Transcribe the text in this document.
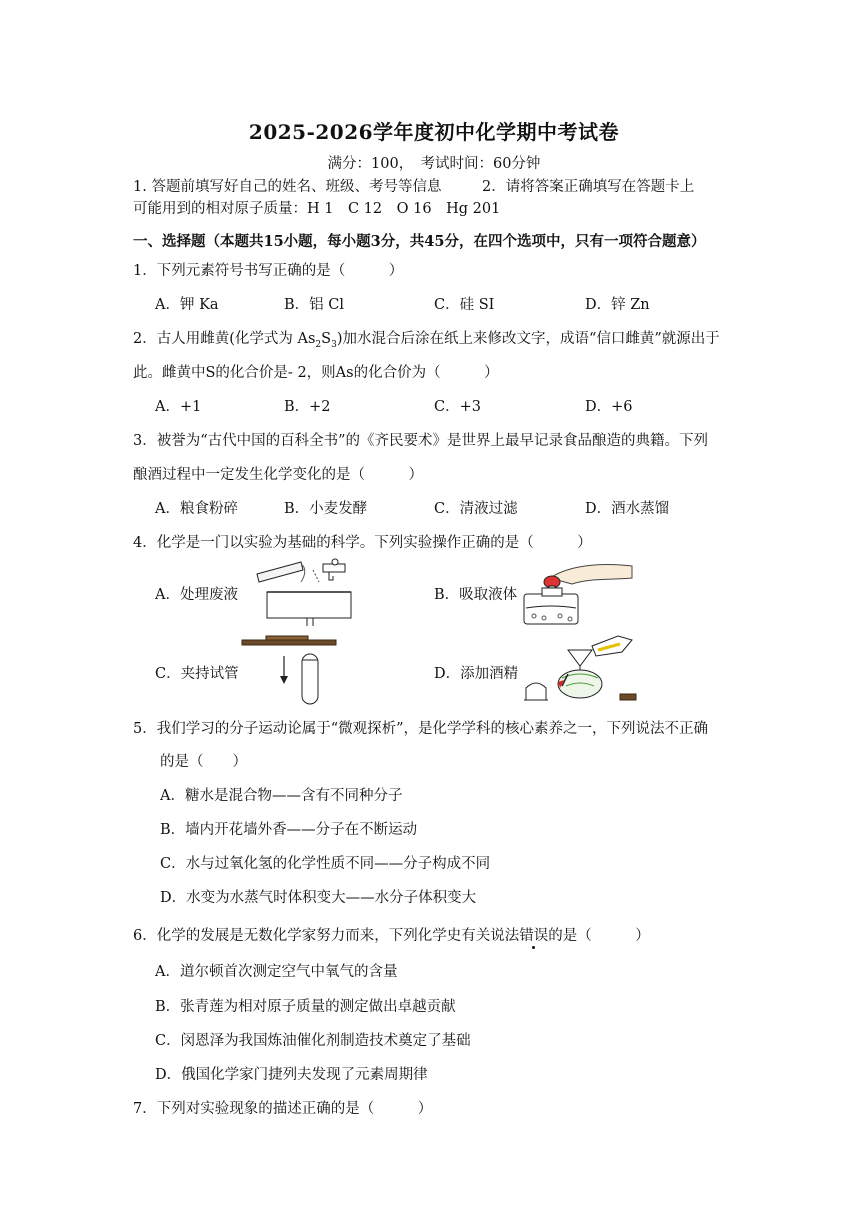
2025-2026学年度初中化学期中考试卷
满分：100，　考试时间：60分钟
1. 答题前填写好自己的姓名、班级、考号等信息	2．请将答案正确填写在答题卡上
可能用到的相对原子质量：H 1　C 12　O 16　Hg 201
一、选择题（本题共15小题，每小题3分，共45分，在四个选项中，只有一项符合题意）
1．下列元素符号书写正确的是（　　　）
A．钾 Ka	B．铝 Cl	C．硅 SI	D．锌 Zn
2．古人用雌黄(化学式为 $As_2S_3$)加水混合后涂在纸上来修改文字，成语“信口雌黄”就源出于
此。雌黄中S的化合价是- 2，则As的化合价为（　　　）
A．+1	B．+2	C．+3	D．+6
3．被誉为“古代中国的百科全书”的《齐民要术》是世界上最早记录食品酿造的典籍。下列
酿酒过程中一定发生化学变化的是（　　　）
A．粮食粉碎	B．小麦发酵	C．清液过滤	D．酒水蒸馏
4．化学是一门以实验为基础的科学。下列实验操作正确的是（　　　）
A．处理废液	B．吸取液体
C．夹持试管	D．添加酒精
5．我们学习的分子运动论属于“微观探析”，是化学学科的核心素养之一，下列说法不正确
的是（　　）
A．糖水是混合物——含有不同种分子
B．墙内开花墙外香——分子在不断运动
C．水与过氧化氢的化学性质不同——分子构成不同
D．水变为水蒸气时体积变大——水分子体积变大
6．化学的发展是无数化学家努力而来，下列化学史有关说法错误的是（　　　）
A．道尔顿首次测定空气中氧气的含量
B．张青莲为相对原子质量的测定做出卓越贡献
C．闵恩泽为我国炼油催化剂制造技术奠定了基础
D．俄国化学家门捷列夫发现了元素周期律
7．下列对实验现象的描述正确的是（　　　）
